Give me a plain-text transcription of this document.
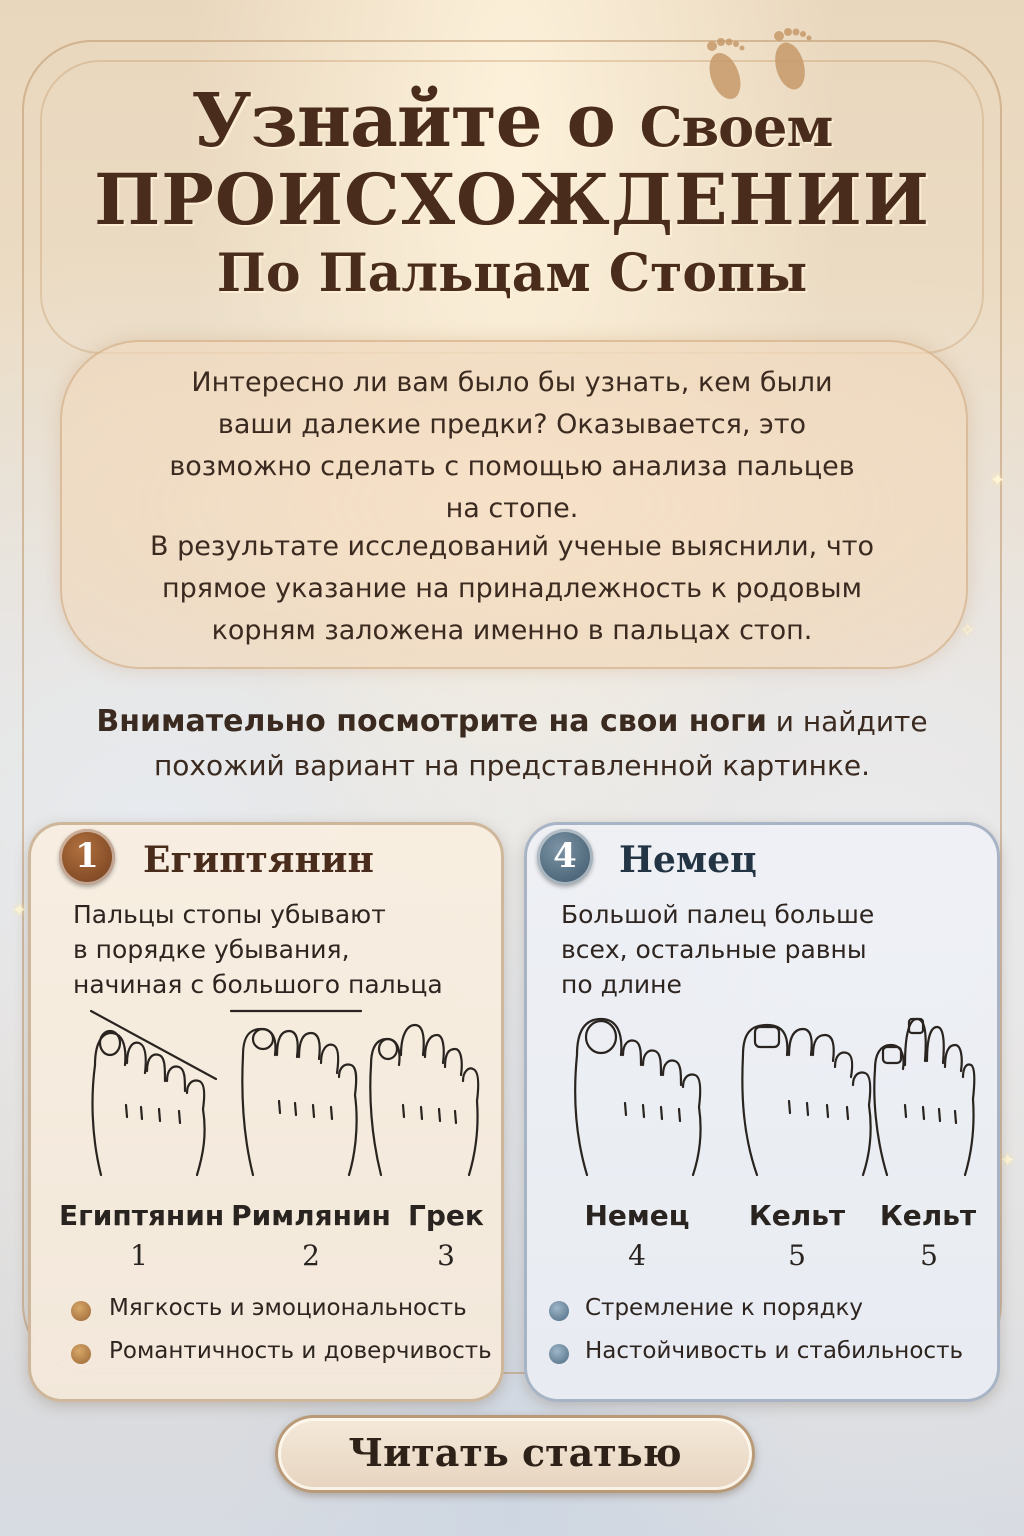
✦
✦
✧
✦
Узнайте о Своем
ПРОИСХОЖДЕНИИ
По Пальцам Стопы
Интересно ли вам было бы узнать, кем были
ваши далекие предки? Оказывается, это
возможно сделать с помощью анализа пальцев
на стопе.
В результате исследований ученые выяснили, что
прямое указание на принадлежность к родовым
корням заложена именно в пальцах стоп.
Внимательно посмотрите на свои ноги и найдите
похожий вариант на представленной картинке.
1	Египтянин
Пальцы стопы убывают
в порядке убывания,
начиная с большого пальца
Египтянин Римлянин Грек
1	2	3
Мягкость и эмоциональность
Романтичность и доверчивость
4	Немец
Большой палец больше
всех, остальные равны
по длине
Немец	Кельт	Кельт
4	5	5
Стремление к порядку
Настойчивость и стабильность
Читать статью
